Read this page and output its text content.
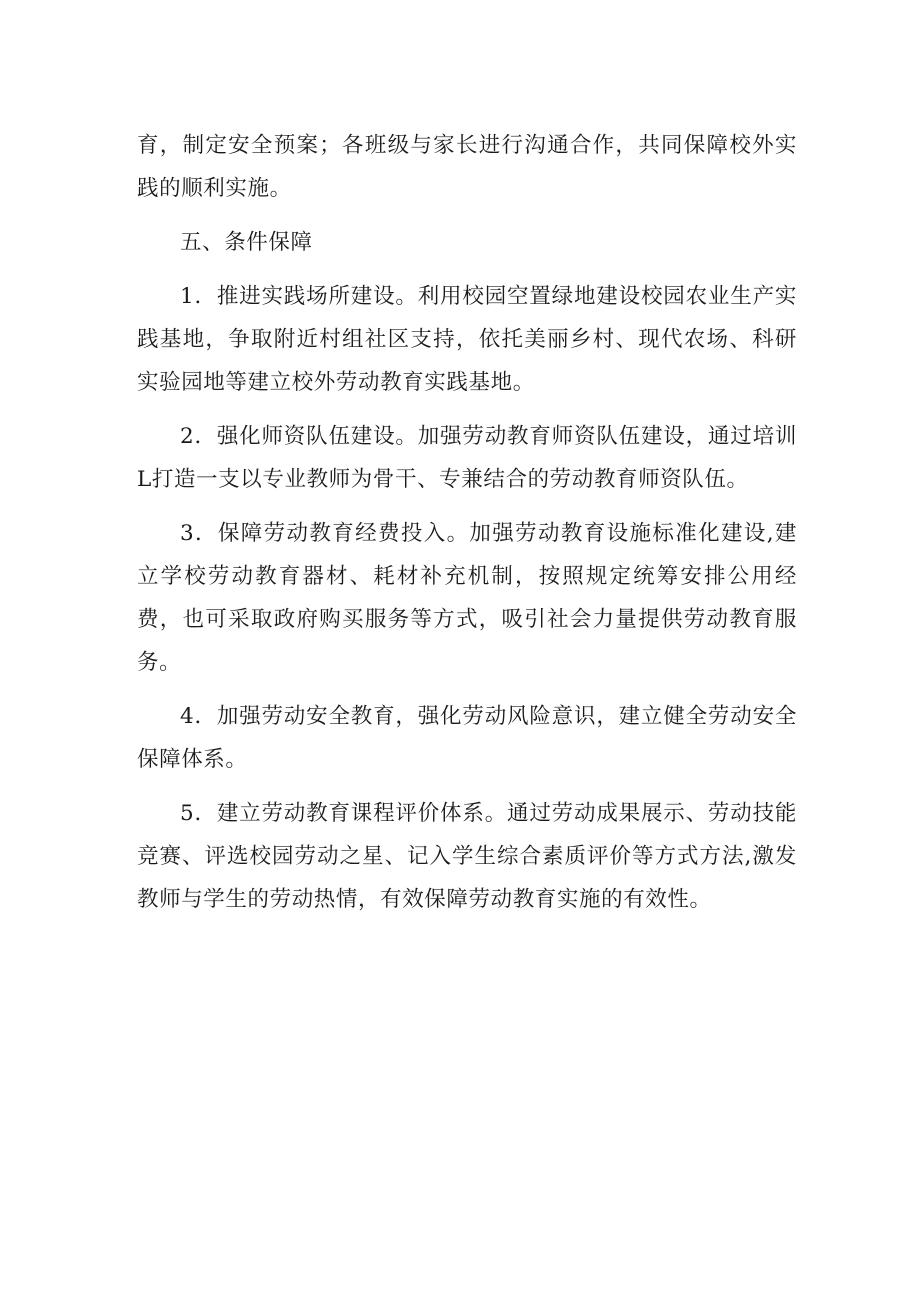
育，制定安全预案；各班级与家长进行沟通合作，共同保障校外实践的顺利实施。

五、条件保障

1．推进实践场所建设。利用校园空置绿地建设校园农业生产实践基地，争取附近村组社区支持，依托美丽乡村、现代农场、科研实验园地等建立校外劳动教育实践基地。

2．强化师资队伍建设。加强劳动教育师资队伍建设，通过培训L打造一支以专业教师为骨干、专兼结合的劳动教育师资队伍。

3．保障劳动教育经费投入。加强劳动教育设施标准化建设,建立学校劳动教育器材、耗材补充机制，按照规定统筹安排公用经费，也可采取政府购买服务等方式，吸引社会力量提供劳动教育服务。

4．加强劳动安全教育，强化劳动风险意识，建立健全劳动安全保障体系。

5．建立劳动教育课程评价体系。通过劳动成果展示、劳动技能竞赛、评选校园劳动之星、记入学生综合素质评价等方式方法,激发教师与学生的劳动热情，有效保障劳动教育实施的有效性。
